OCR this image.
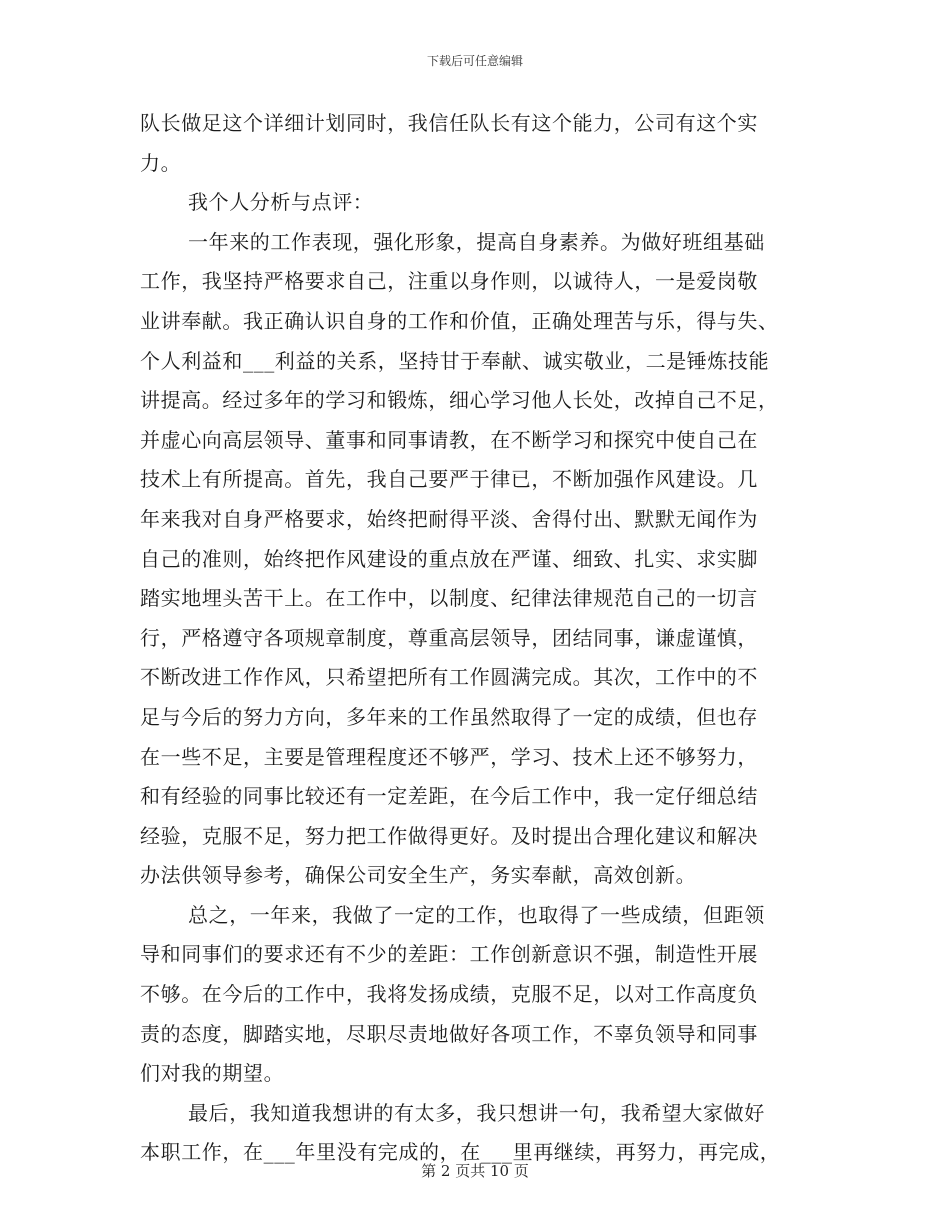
下载后可任意编辑
队长做足这个详细计划同时，我信任队长有这个能力，公司有这个实
力。
我个人分析与点评：
一年来的工作表现，强化形象，提高自身素养。为做好班组基础
工作，我坚持严格要求自己，注重以身作则，以诚待人，一是爱岗敬
业讲奉献。我正确认识自身的工作和价值，正确处理苦与乐，得与失、
个人利益和___利益的关系，坚持甘于奉献、诚实敬业，二是锤炼技能
讲提高。经过多年的学习和锻炼，细心学习他人长处，改掉自己不足，
并虚心向高层领导、董事和同事请教，在不断学习和探究中使自己在
技术上有所提高。首先，我自己要严于律已，不断加强作风建设。几
年来我对自身严格要求，始终把耐得平淡、舍得付出、默默无闻作为
自己的准则，始终把作风建设的重点放在严谨、细致、扎实、求实脚
踏实地埋头苦干上。在工作中，以制度、纪律法律规范自己的一切言
行，严格遵守各项规章制度，尊重高层领导，团结同事，谦虚谨慎，
不断改进工作作风，只希望把所有工作圆满完成。其次，工作中的不
足与今后的努力方向，多年来的工作虽然取得了一定的成绩，但也存
在一些不足，主要是管理程度还不够严，学习、技术上还不够努力，
和有经验的同事比较还有一定差距，在今后工作中，我一定仔细总结
经验，克服不足，努力把工作做得更好。及时提出合理化建议和解决
办法供领导参考，确保公司安全生产，务实奉献，高效创新。
总之，一年来，我做了一定的工作，也取得了一些成绩，但距领
导和同事们的要求还有不少的差距：工作创新意识不强，制造性开展
不够。在今后的工作中，我将发扬成绩，克服不足，以对工作高度负
责的态度，脚踏实地，尽职尽责地做好各项工作，不辜负领导和同事
们对我的期望。
最后，我知道我想讲的有太多，我只想讲一句，我希望大家做好
本职工作，在___年里没有完成的，在___里再继续，再努力，再完成，
第 2 页共 10 页
